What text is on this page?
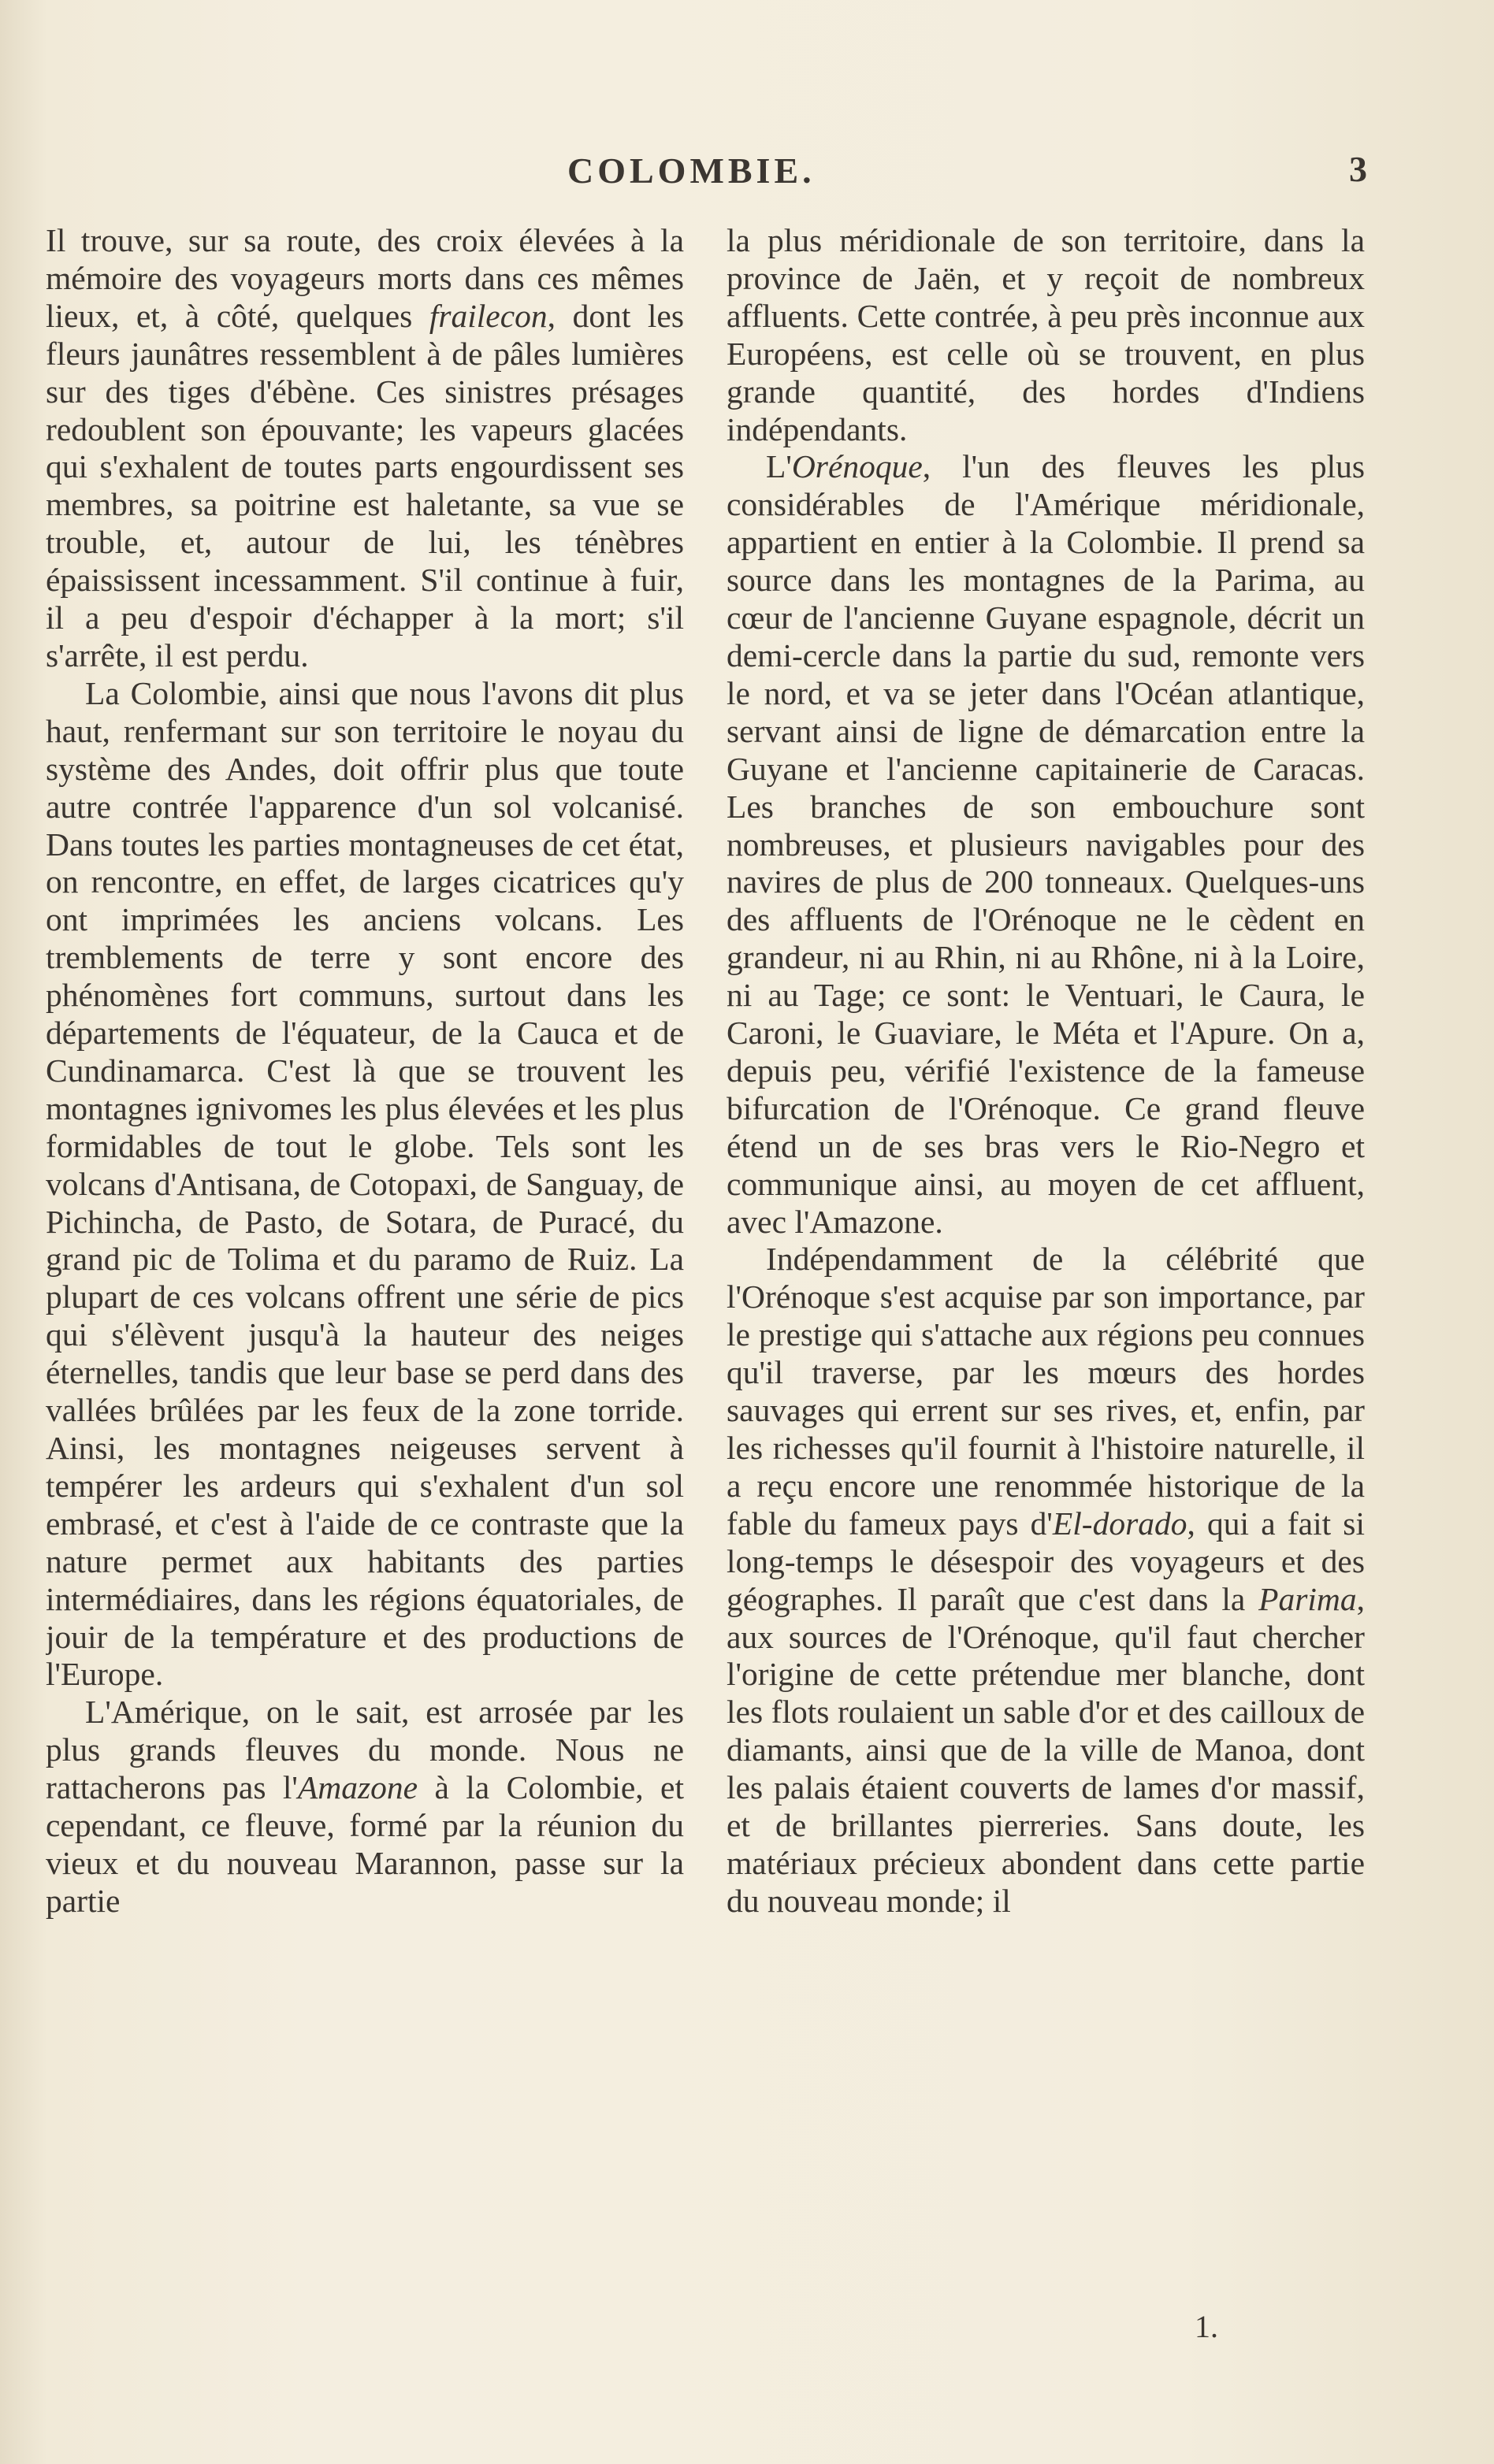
COLOMBIE.	3

Il trouve, sur sa route, des croix élevées à la mémoire des voyageurs morts dans ces mêmes lieux, et, à côté, quelques frailecon, dont les fleurs jaunâtres ressemblent à de pâles lumières sur des tiges d'ébène. Ces sinistres présages redoublent son épouvante; les vapeurs glacées qui s'exhalent de toutes parts engourdissent ses membres, sa poitrine est haletante, sa vue se trouble, et, autour de lui, les ténèbres épaississent incessamment. S'il continue à fuir, il a peu d'espoir d'échapper à la mort; s'il s'arrête, il est perdu.

La Colombie, ainsi que nous l'avons dit plus haut, renfermant sur son territoire le noyau du système des Andes, doit offrir plus que toute autre contrée l'apparence d'un sol volcanisé. Dans toutes les parties montagneuses de cet état, on rencontre, en effet, de larges cicatrices qu'y ont imprimées les anciens volcans. Les tremblements de terre y sont encore des phénomènes fort communs, surtout dans les départements de l'équateur, de la Cauca et de Cundinamarca. C'est là que se trouvent les montagnes ignivomes les plus élevées et les plus formidables de tout le globe. Tels sont les volcans d'Antisana, de Cotopaxi, de Sanguay, de Pichincha, de Pasto, de Sotara, de Puracé, du grand pic de Tolima et du paramo de Ruiz. La plupart de ces volcans offrent une série de pics qui s'élèvent jusqu'à la hauteur des neiges éternelles, tandis que leur base se perd dans des vallées brûlées par les feux de la zone torride. Ainsi, les montagnes neigeuses servent à tempérer les ardeurs qui s'exhalent d'un sol embrasé, et c'est à l'aide de ce contraste que la nature permet aux habitants des parties intermédiaires, dans les régions équatoriales, de jouir de la température et des productions de l'Europe.

L'Amérique, on le sait, est arrosée par les plus grands fleuves du monde. Nous ne rattacherons pas l'Amazone à la Colombie, et cependant, ce fleuve, formé par la réunion du vieux et du nouveau Marannon, passe sur la partie

la plus méridionale de son territoire, dans la province de Jaën, et y reçoit de nombreux affluents. Cette contrée, à peu près inconnue aux Européens, est celle où se trouvent, en plus grande quantité, des hordes d'Indiens indépendants.

L'Orénoque, l'un des fleuves les plus considérables de l'Amérique méridionale, appartient en entier à la Colombie. Il prend sa source dans les montagnes de la Parima, au cœur de l'ancienne Guyane espagnole, décrit un demi-cercle dans la partie du sud, remonte vers le nord, et va se jeter dans l'Océan atlantique, servant ainsi de ligne de démarcation entre la Guyane et l'ancienne capitainerie de Caracas. Les branches de son embouchure sont nombreuses, et plusieurs navigables pour des navires de plus de 200 tonneaux. Quelques-uns des affluents de l'Orénoque ne le cèdent en grandeur, ni au Rhin, ni au Rhône, ni à la Loire, ni au Tage; ce sont: le Ventuari, le Caura, le Caroni, le Guaviare, le Méta et l'Apure. On a, depuis peu, vérifié l'existence de la fameuse bifurcation de l'Orénoque. Ce grand fleuve étend un de ses bras vers le Rio-Negro et communique ainsi, au moyen de cet affluent, avec l'Amazone.

Indépendamment de la célébrité que l'Orénoque s'est acquise par son importance, par le prestige qui s'attache aux régions peu connues qu'il traverse, par les mœurs des hordes sauvages qui errent sur ses rives, et, enfin, par les richesses qu'il fournit à l'histoire naturelle, il a reçu encore une renommée historique de la fable du fameux pays d'El-dorado, qui a fait si long-temps le désespoir des voyageurs et des géographes. Il paraît que c'est dans la Parima, aux sources de l'Orénoque, qu'il faut chercher l'origine de cette prétendue mer blanche, dont les flots roulaient un sable d'or et des cailloux de diamants, ainsi que de la ville de Manoa, dont les palais étaient couverts de lames d'or massif, et de brillantes pierreries. Sans doute, les matériaux précieux abondent dans cette partie du nouveau monde; il

1.
